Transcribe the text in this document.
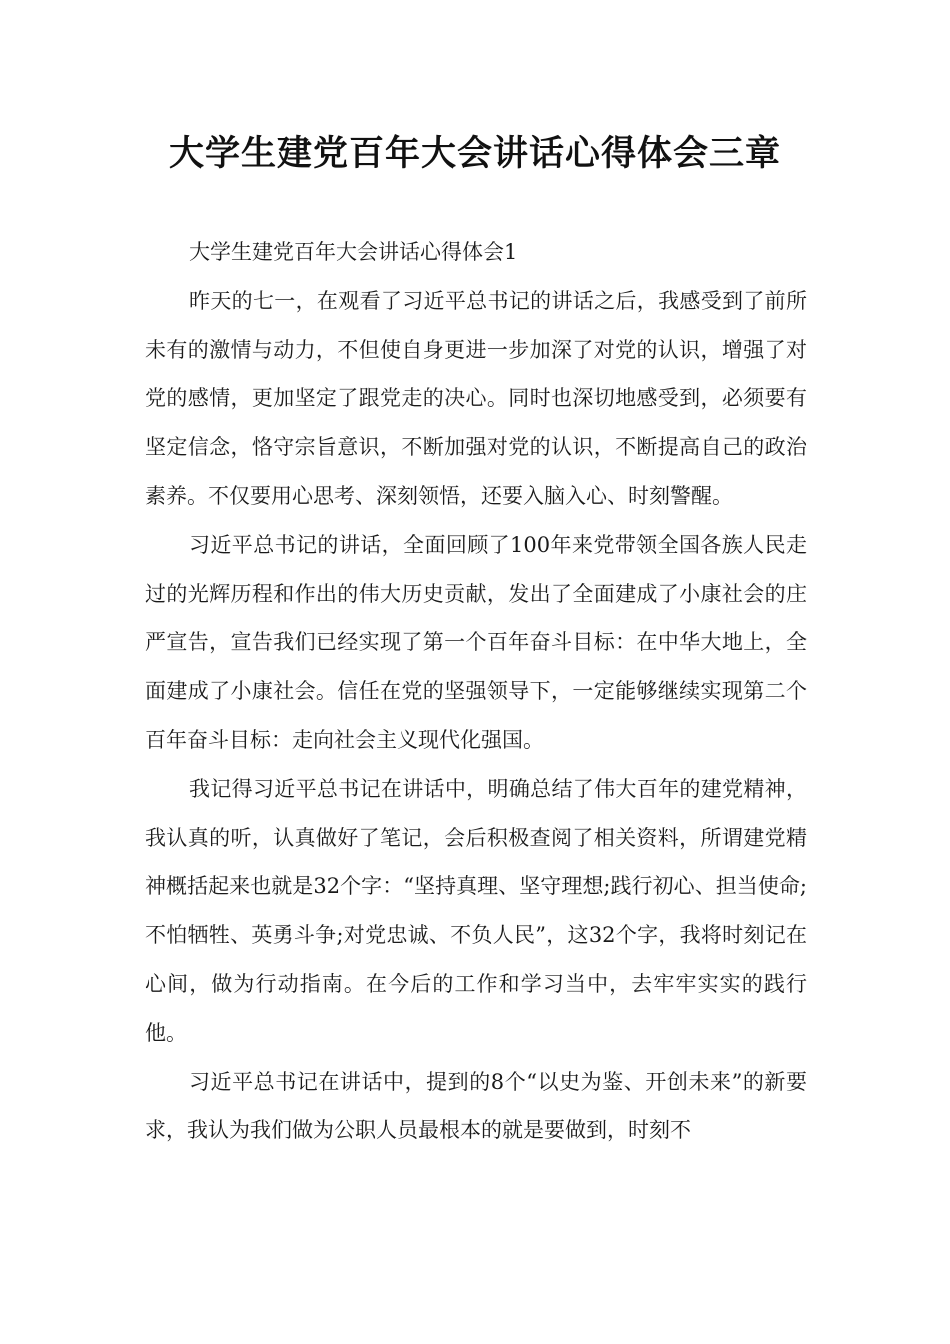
大学生建党百年大会讲话心得体会三章

大学生建党百年大会讲话心得体会1

昨天的七一，在观看了习近平总书记的讲话之后，我感受到了前所未有的激情与动力，不但使自身更进一步加深了对党的认识，增强了对党的感情，更加坚定了跟党走的决心。同时也深切地感受到，必须要有坚定信念，恪守宗旨意识，不断加强对党的认识，不断提高自己的政治素养。不仅要用心思考、深刻领悟，还要入脑入心、时刻警醒。

习近平总书记的讲话，全面回顾了100年来党带领全国各族人民走过的光辉历程和作出的伟大历史贡献，发出了全面建成了小康社会的庄严宣告，宣告我们已经实现了第一个百年奋斗目标：在中华大地上，全面建成了小康社会。信任在党的坚强领导下，一定能够继续实现第二个百年奋斗目标：走向社会主义现代化强国。

我记得习近平总书记在讲话中，明确总结了伟大百年的建党精神，我认真的听，认真做好了笔记，会后积极查阅了相关资料，所谓建党精神概括起来也就是32个字：“坚持真理、坚守理想;践行初心、担当使命;不怕牺牲、英勇斗争;对党忠诚、不负人民”，这32个字，我将时刻记在心间，做为行动指南。在今后的工作和学习当中，去牢牢实实的践行他。

习近平总书记在讲话中，提到的8个“以史为鉴、开创未来”的新要求，我认为我们做为公职人员最根本的就是要做到，时刻不
